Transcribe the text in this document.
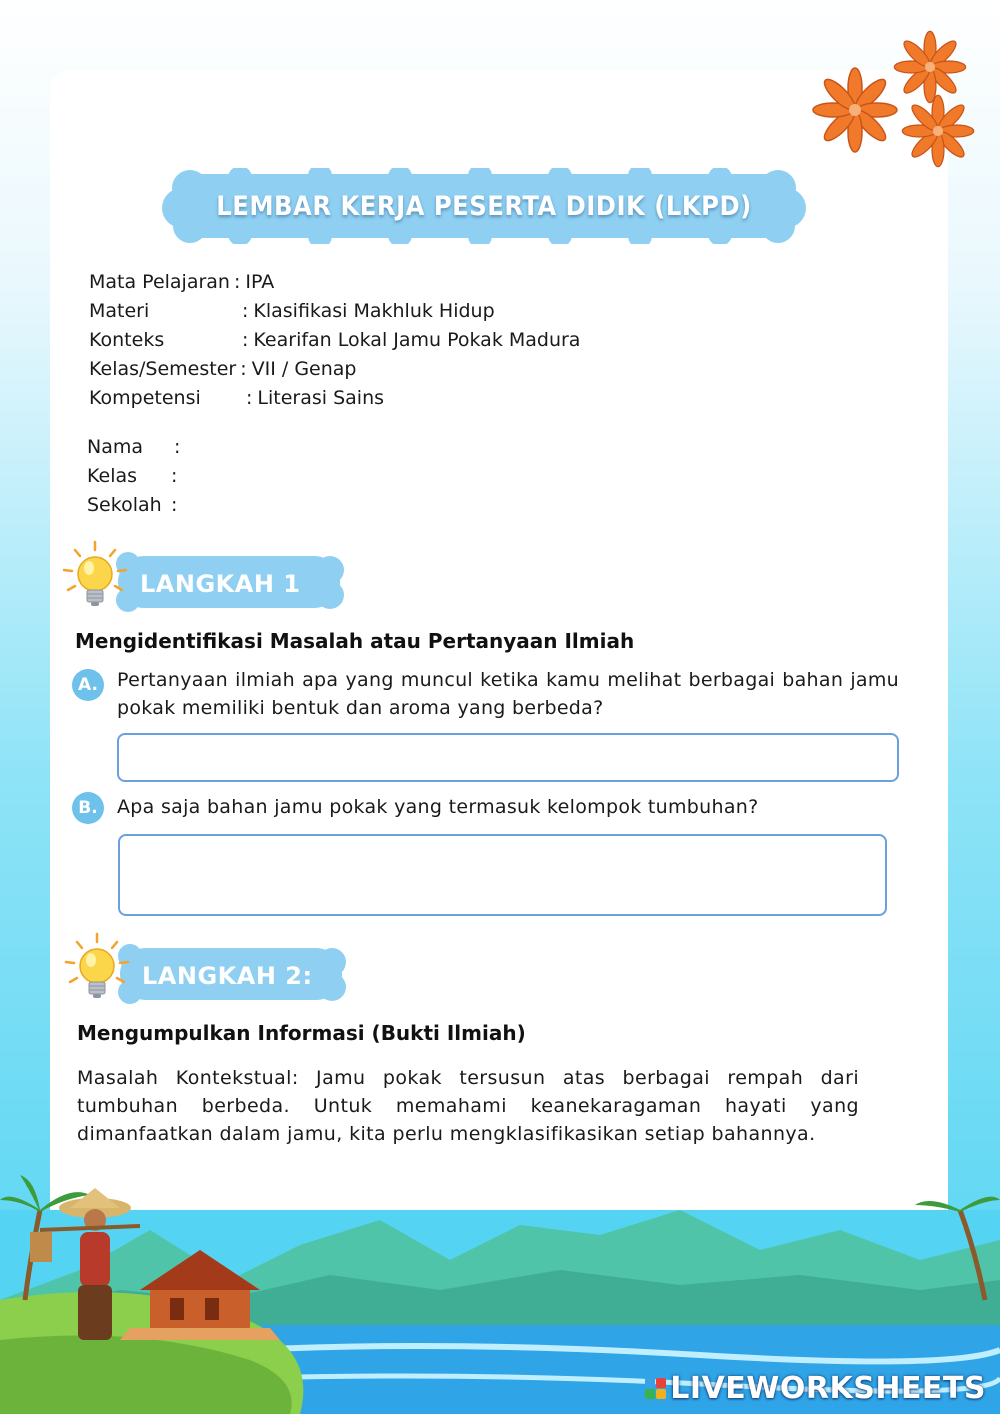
LEMBAR KERJA PESERTA DIDIK (LKPD)
Mata Pelajaran : IPA
Materi	: Klasifikasi Makhluk Hidup
Konteks	: Kearifan Lokal Jamu Pokak Madura
Kelas/Semester : VII / Genap
Kompetensi	: Literasi Sains
Nama	:
Kelas	:
Sekolah :
LANGKAH 1
Mengidentifikasi Masalah atau Pertanyaan Ilmiah
A.	Pertanyaan ilmiah apa yang muncul ketika kamu melihat berbagai bahan jamu pokak memiliki bentuk dan aroma yang berbeda?
B.	Apa saja bahan jamu pokak yang termasuk kelompok tumbuhan?
LANGKAH 2:
Mengumpulkan Informasi (Bukti Ilmiah)
Masalah Kontekstual: Jamu pokak tersusun atas berbagai rempah dari tumbuhan berbeda. Untuk memahami keanekaragaman hayati yang dimanfaatkan dalam jamu, kita perlu mengklasifikasikan setiap bahannya.
LIVEWORKSHEETS
